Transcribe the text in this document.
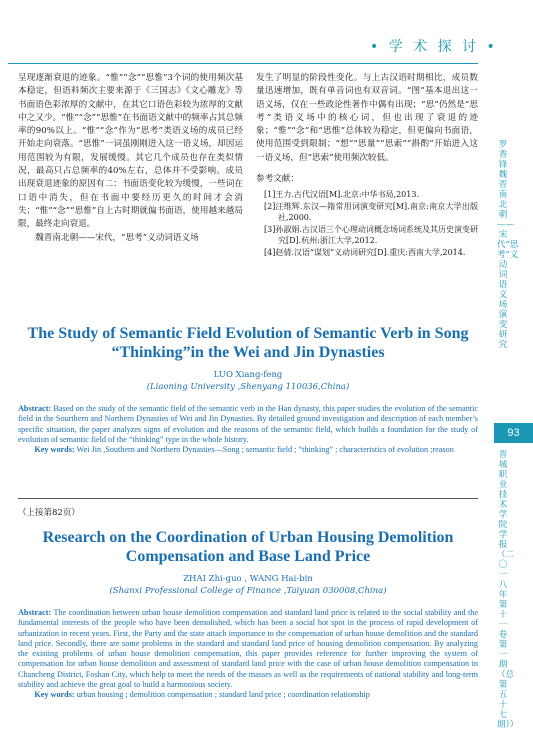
• 学 术 探 讨 •

呈现逐渐衰退的迹象。“惟”“念”“思惟”3个词的使用频次基本稳定，但语料频次主要来源于《三国志》《文心雕龙》等书面语色彩浓厚的文献中，在其它口语色彩较为浓厚的文献中之又少。“惟”“念”“思惟”在书面语文献中的频率占其总频率的90%以上。“惟”“念”作为“思考”类语义场的成员已经开始走向衰落。“思惟”一词虽刚刚进入这一语义场，却因运用范围较为有限，发展缓慢。其它几个成员也存在类似情况，最高只占总频率的40%左右，总体并不受影响。成员出现衰退迹象的原因有二：书面语变化较为缓慢，一些词在口语中消失，但在书面中要经历更久的时间才会消失；“惟”“念”“思惟”自上古时期就偏书面语，使用越来越局限，最终走向衰退。

魏晋南北朝——宋代，“思考”义动词语义场

发生了明显的阶段性变化。与上古汉语时期相比，成员数量迅速增加，既有单音词也有双音词。“图”基本退出这一语义场，仅在一些政论性著作中偶有出现；“思”仍然是“思考”类语义场中的核心词，但也出现了衰退的迹象；“惟”“念”和“思惟”总体较为稳定，但更偏向书面语，使用范围受到限制；“想”“思量”“思索”“斟酌”开始进入这一语义场，但“思索”使用频次较低。

参考文献：

[1]王力.古代汉语[M].北京:中华书局,2013.
[2]汪维辉.东汉—隋常用词演变研究[M].南京:南京大学出版社,2000.
[3]孙淑娟.古汉语三个心理动词概念场词系统及其历史演变研究[D].杭州:浙江大学,2012.
[4]赵倩.汉语“谋划”义动词研究[D].重庆:西南大学,2014.
The Study of Semantic Field Evolution of Semantic Verb in Song “Thinking”in the Wei and Jin Dynasties
LUO Xiang-feng
(Liaoning University ,Shenyang 110036,China)
Abstract: Based on the study of the semantic field of the semantic verb in the Han dynasty, this paper studies the evolution of the semantic field in the Sourthern and Northern Dynasties of Wei and Jin Dynasties. By detailed ground investigation and description of each member’s specific situation, the paper analyzes signs of evolution and the reasons of the semantic field, which builds a foundation for the study of evolution of semantic field of the “thinking” type in the whole history.
Key words: Wei Jin ,Southern and Northern Dynasties—Song ; semantic field ; “thinking” ; characteristics of evolution ;reason
（上接第82页）
Research on the Coordination of Urban Housing Demolition Compensation and Base Land Price
ZHAI Zhi-guo , WANG Hai-bin
(Shanxi Professional College of Finance ,Taiyuan 030008,China)
Abstract: The coordination between urban house demolition compensation and standard land price is related to the social stability and the fundamental interests of the people who have been demolished, which has been a social hot spot in the process of rapid development of urbanization in recent years. First, the Party and the state attach importance to the compensation of urban house demolition and the standard land price. Secondly, there are some problems in the standard and standard land price of housing demolition compensation. By analyzing the existing problems of urban house demolition compensation, this paper provides reference for further improving the system of compensation for urban house demolition and assessment of standard land price with the case of urban house demolition compensation in Chancheng District, Foshan City, which help to meet the needs of the masses as well as the requirements of national stability and long-term stability and achieve the great goal to build a harmonious society.
Key words: urban housing ; demolition compensation ; standard land price ; coordination relationship
罗香锋 魏晋南北朝——宋代“思考”义动词语义场演变研究
93
晋城职业技术学院学报（二〇一八年第十一卷第一期（总第五十七期））
